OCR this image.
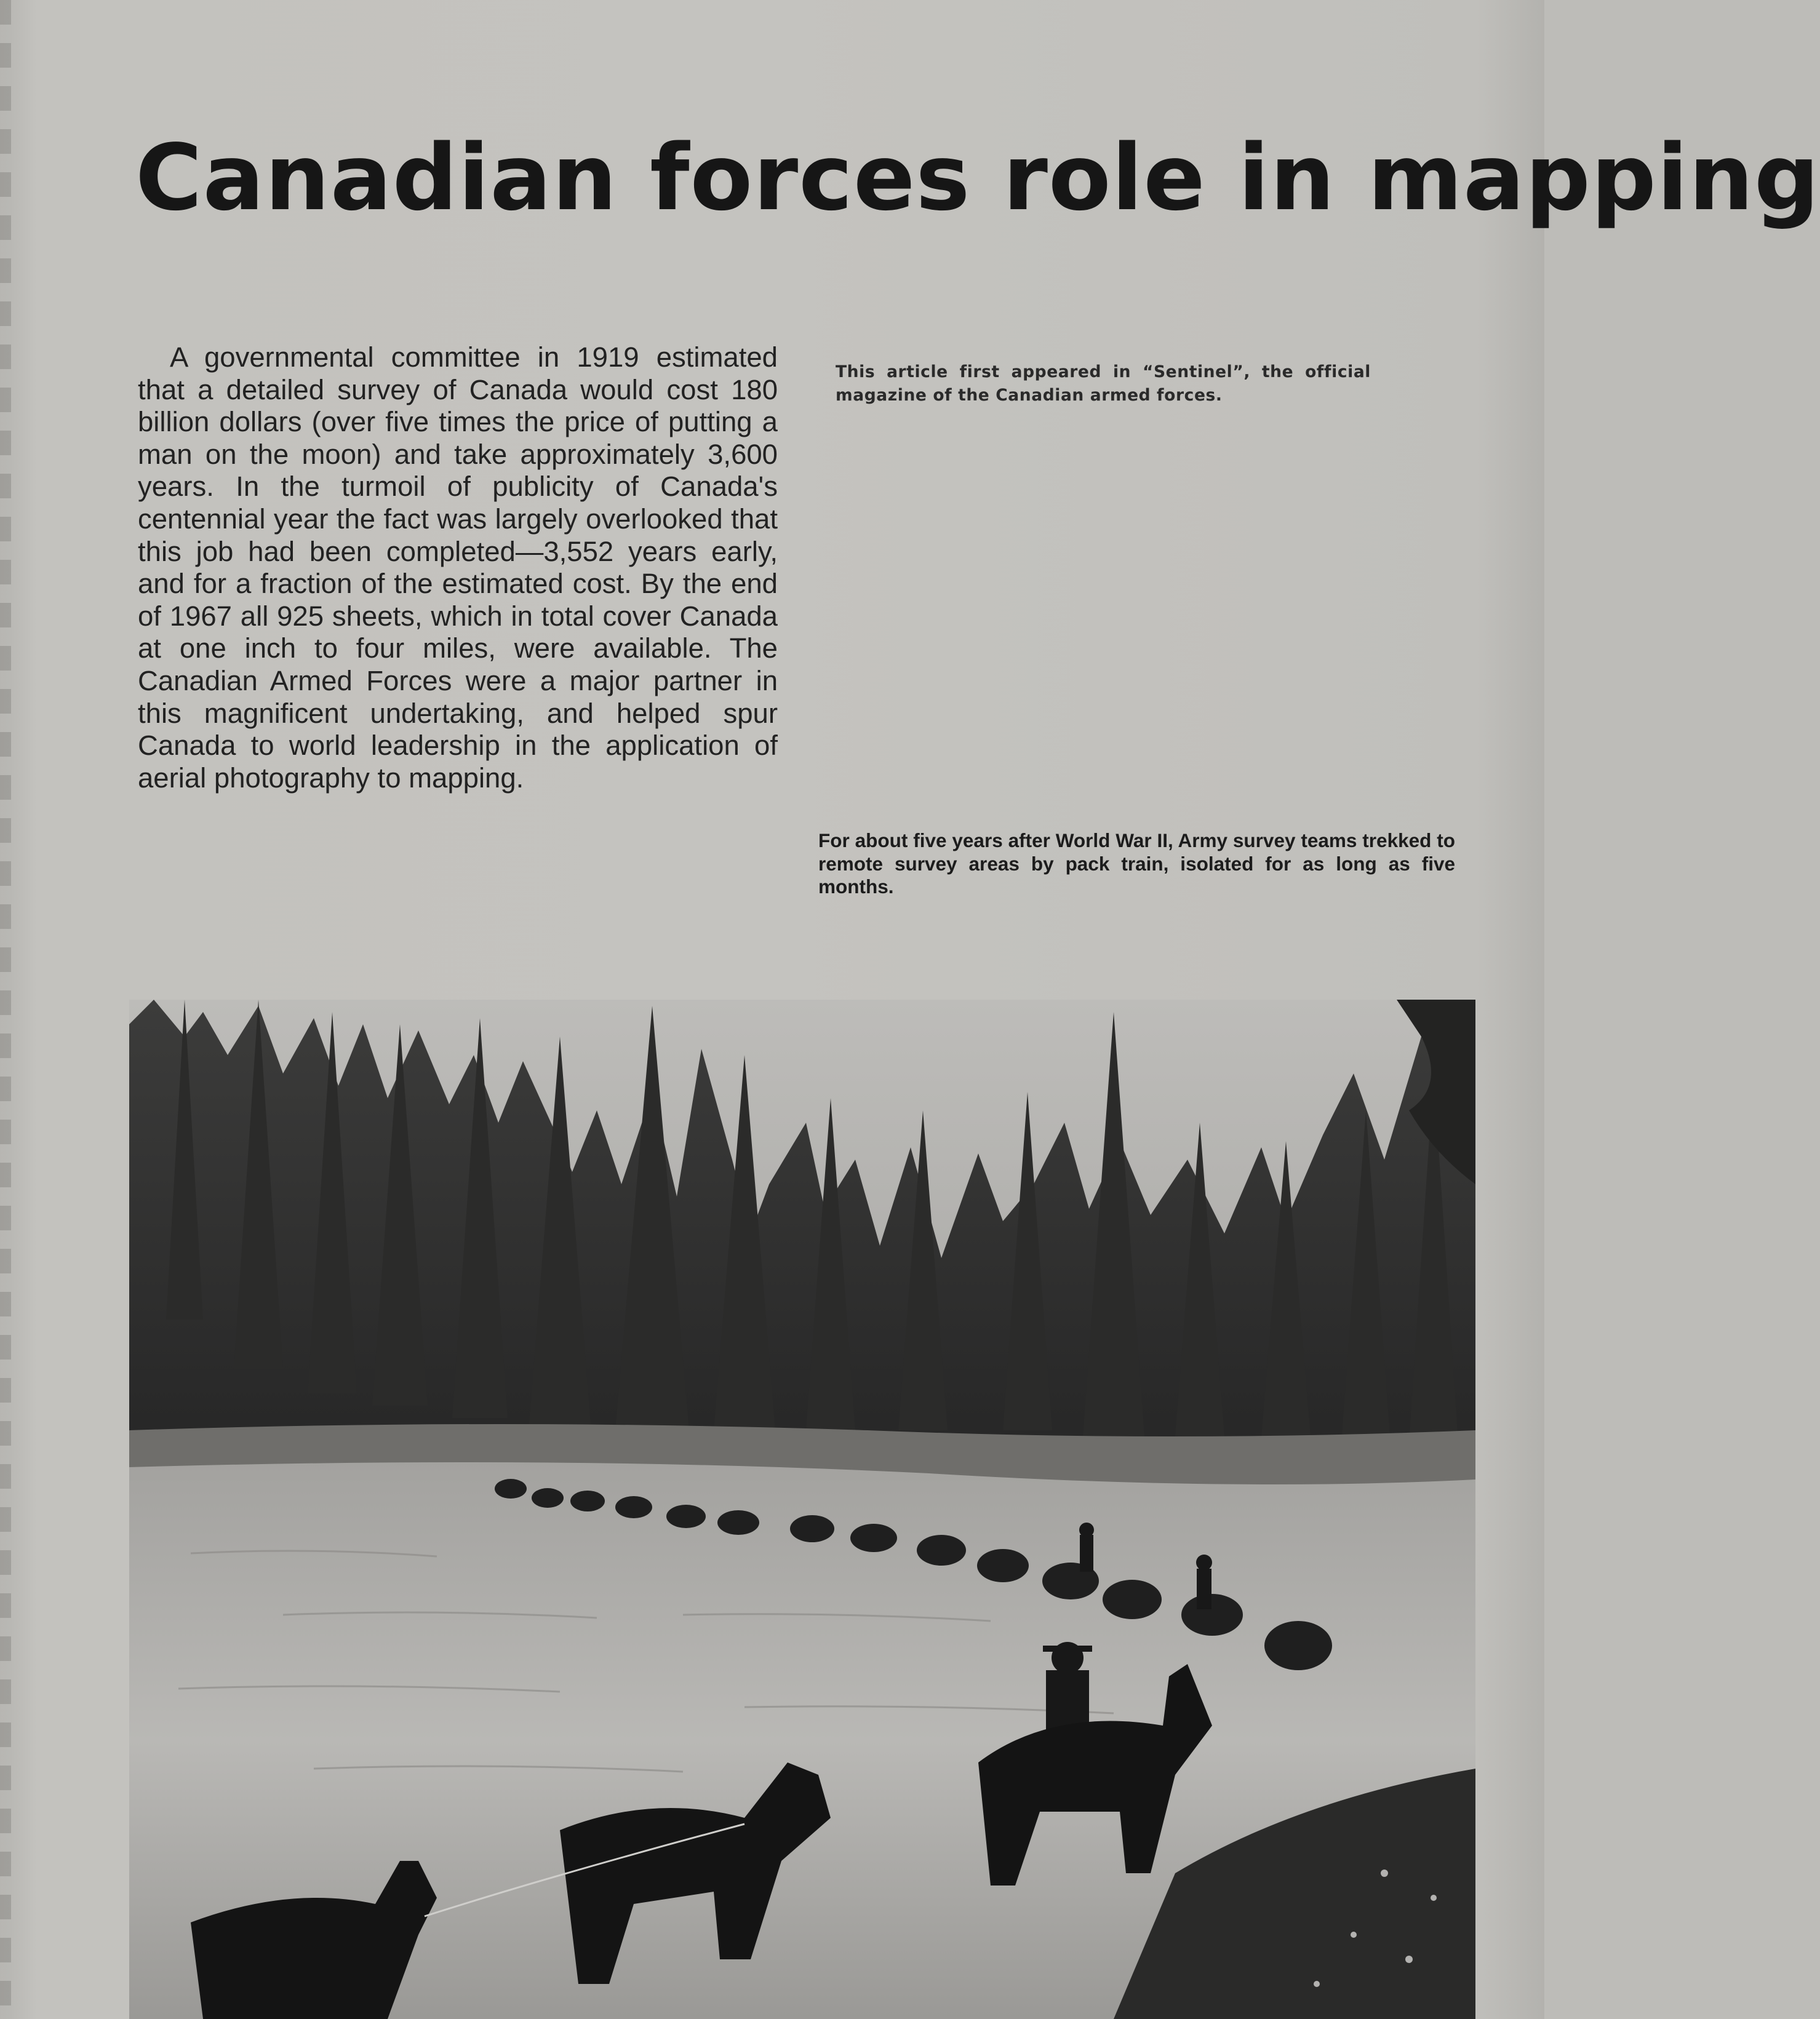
Canadian forces role in mapping

A governmental committee in 1919 estimated that a detailed survey of Canada would cost 180 billion dollars (over five times the price of putting a man on the moon) and take approximately 3,600 years. In the turmoil of publicity of Canada's centennial year the fact was largely overlooked that this job had been completed—3,552 years early, and for a fraction of the estimated cost. By the end of 1967 all 925 sheets, which in total cover Canada at one inch to four miles, were available. The Canadian Armed Forces were a major partner in this magnificent undertaking, and helped spur Canada to world leadership in the application of aerial photography to mapping.

This article first appeared in “Sentinel”, the official magazine of the Canadian armed forces.

For about five years after World War II, Army survey teams trekked to remote survey areas by pack train, isolated for as long as five months.
